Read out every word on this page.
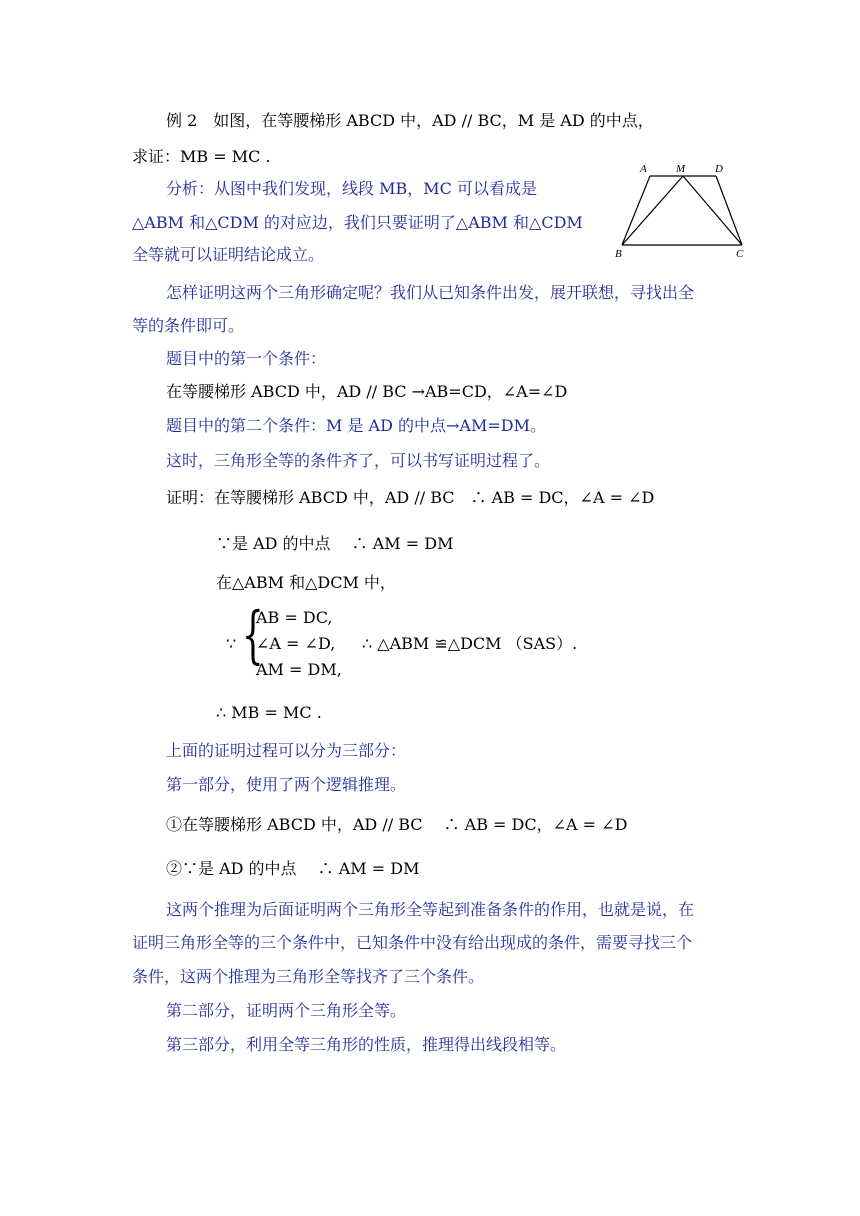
例 2　如图，在等腰梯形 ABCD 中，AD // BC，M 是 AD 的中点，
求证：MB = MC .
分析：从图中我们发现，线段 MB，MC 可以看成是
△ABM 和△CDM 的对应边，我们只要证明了△ABM 和△CDM
全等就可以证明结论成立。
怎样证明这两个三角形确定呢？我们从已知条件出发，展开联想，寻找出全
等的条件即可。
题目中的第一个条件：
在等腰梯形 ABCD 中，AD // BC →AB=CD，∠A=∠D
题目中的第二个条件：M 是 AD 的中点→AM=DM。
这时，三角形全等的条件齐了，可以书写证明过程了。
A	M	D
B	C
证明：在等腰梯形 ABCD 中，AD // BC　∴ AB = DC，∠A = ∠D
∵是 AD 的中点　 ∴ AM = DM
在△ABM 和△DCM 中，
∵ {
AB = DC,
∠A = ∠D,
AM = DM,
∴ △ABM ≌△DCM （SAS）.
∴ MB = MC .
上面的证明过程可以分为三部分：
第一部分，使用了两个逻辑推理。
①在等腰梯形 ABCD 中，AD // BC　 ∴ AB = DC，∠A = ∠D
②∵是 AD 的中点　 ∴ AM = DM
这两个推理为后面证明两个三角形全等起到准备条件的作用，也就是说，在
证明三角形全等的三个条件中，已知条件中没有给出现成的条件，需要寻找三个
条件，这两个推理为三角形全等找齐了三个条件。
第二部分，证明两个三角形全等。
第三部分，利用全等三角形的性质，推理得出线段相等。
